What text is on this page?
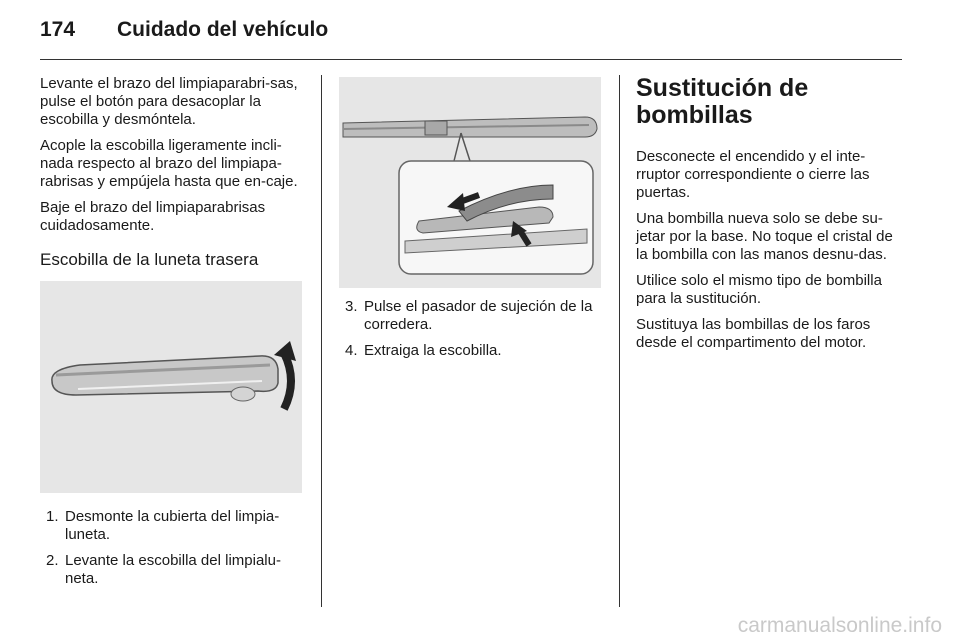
174 Cuidado del vehículo

Levante el brazo del limpiaparabri-sas, pulse el botón para desacoplar la escobilla y desmóntela.

Acople la escobilla ligeramente incli-nada respecto al brazo del limpiapa-rabrisas y empújela hasta que en-caje.

Baje el brazo del limpiaparabrisas cuidadosamente.

Escobilla de la luneta trasera
1. Desmonte la cubierta del limpia-luneta.
2. Levante la escobilla del limpialu-neta.
3. Pulse el pasador de sujeción de la corredera.
4. Extraiga la escobilla.
Sustitución de bombillas

Desconecte el encendido y el inte-rruptor correspondiente o cierre las puertas.

Una bombilla nueva solo se debe su-jetar por la base. No toque el cristal de la bombilla con las manos desnu-das.

Utilice solo el mismo tipo de bombilla para la sustitución.

Sustituya las bombillas de los faros desde el compartimento del motor.

carmanualsonline.info
